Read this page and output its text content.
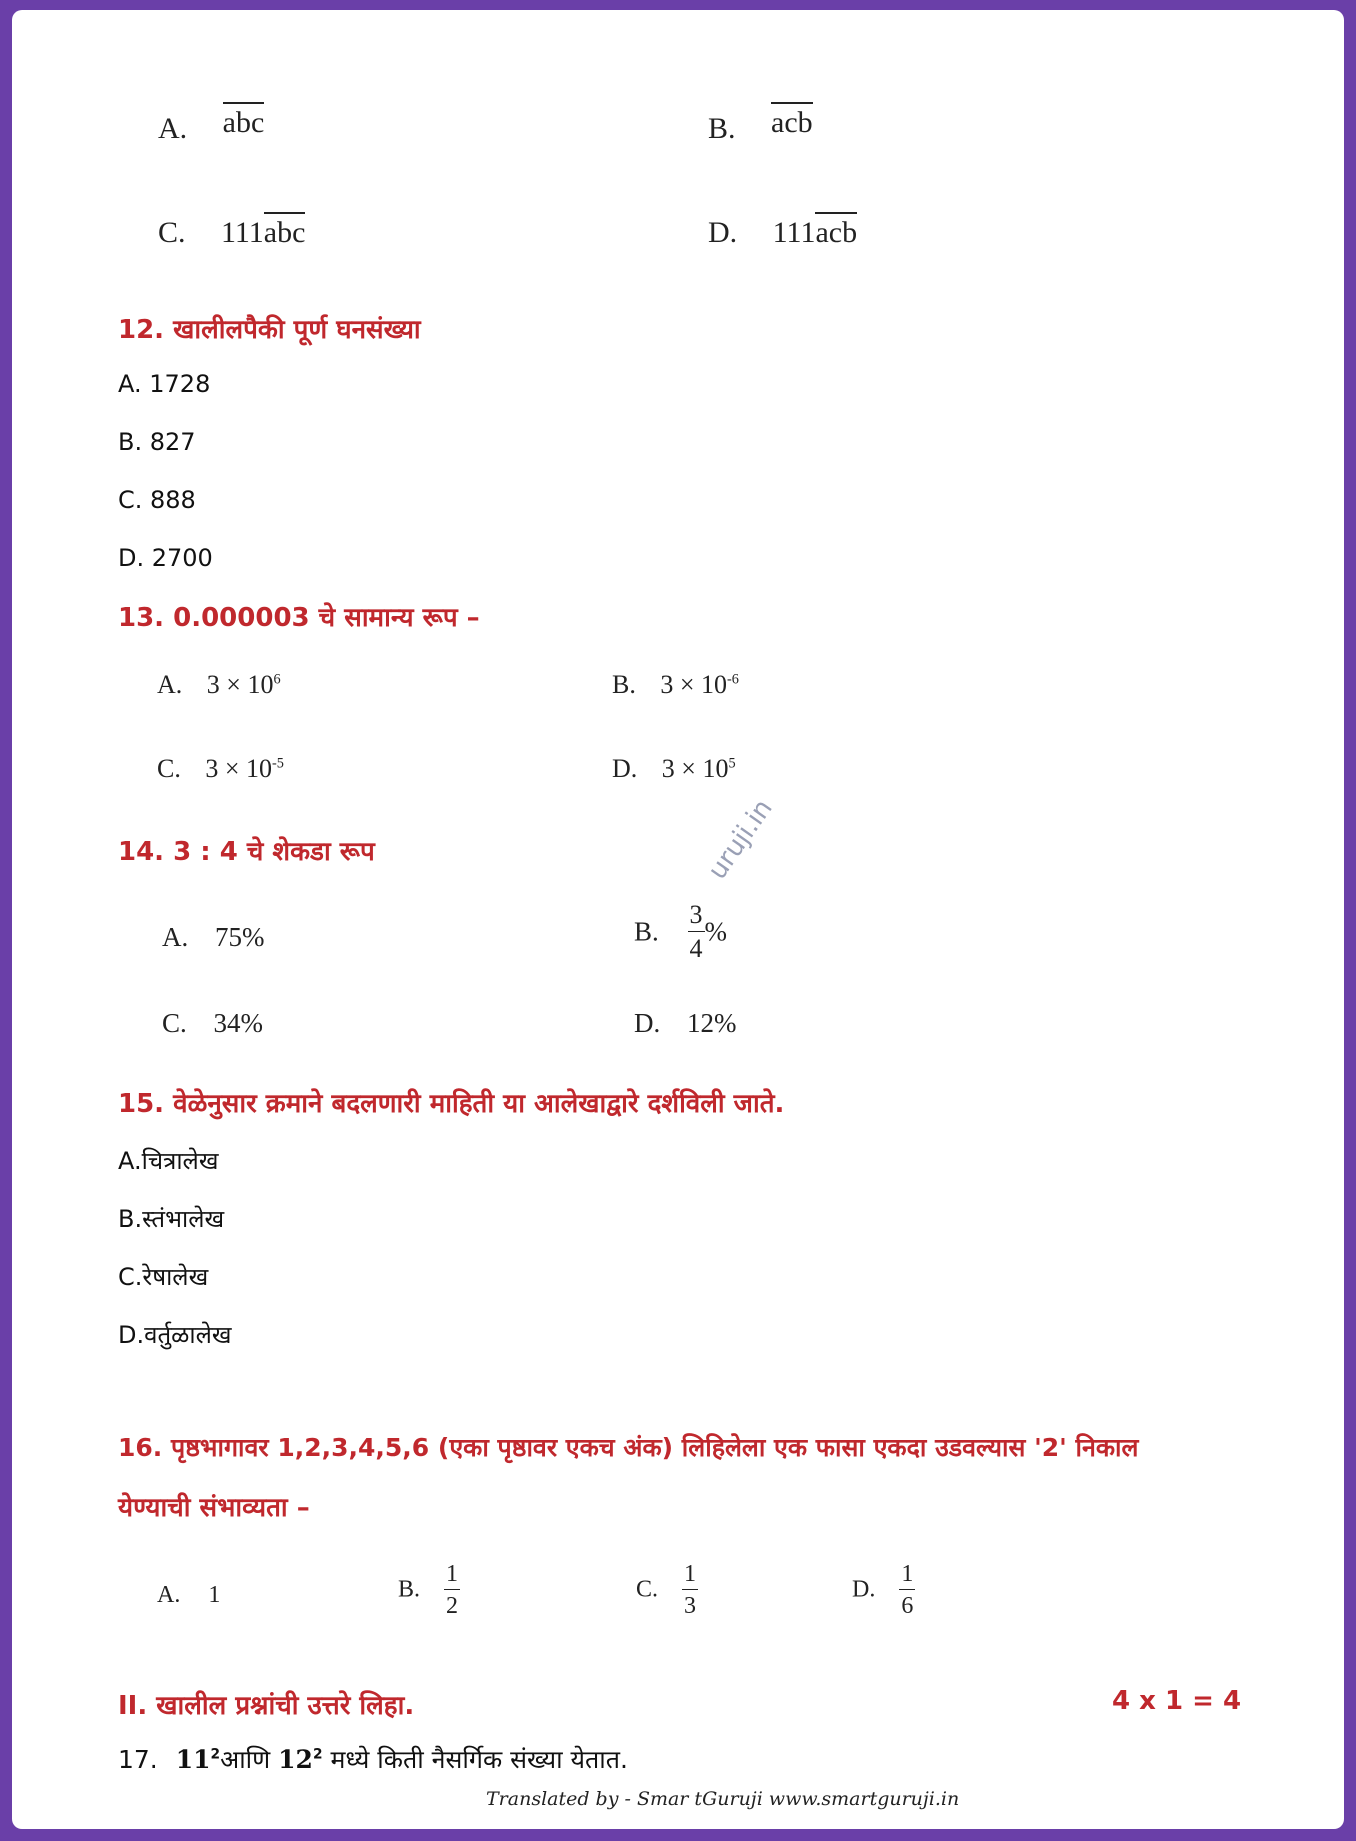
A. abc	B. acb
C. 111abc	D. 111acb
12. खालीलपैकी पूर्ण घनसंख्या
A. 1728
B. 827
C. 888
D. 2700
13. 0.000003 चे सामान्य रूप –
A. $3 \times 10^6$	B. $3 \times 10^{-6}$
C. $3 \times 10^{-5}$	D. $3 \times 10^5$
14. 3 : 4 चे शेकडा रूप	uruji.in
A. 75%	B. $\frac{3}{4}$ %
C. 34%	D. 12%
15. वेळेनुसार क्रमाने बदलणारी माहिती या आलेखाद्वारे दर्शविली जाते.
A.चित्रालेख
B.स्तंभालेख
C.रेषालेख
D.वर्तुळालेख
16. पृष्ठभागावर 1,2,3,4,5,6 (एका पृष्ठावर एकच अंक) लिहिलेला एक फासा एकदा उडवल्यास '2' निकाल
येण्याची संभाव्यता –
A. 1	B. $\frac{1}{2}$	C. $\frac{1}{3}$	D. $\frac{1}{6}$
II. खालील प्रश्नांची उत्तरे लिहा.	4 x 1 = 4
17. $11^2आणि$ $12^2$ मध्ये किती नैसर्गिक संख्या येतात.
Translated by - Smar tGuruji www.smartguruji.in
